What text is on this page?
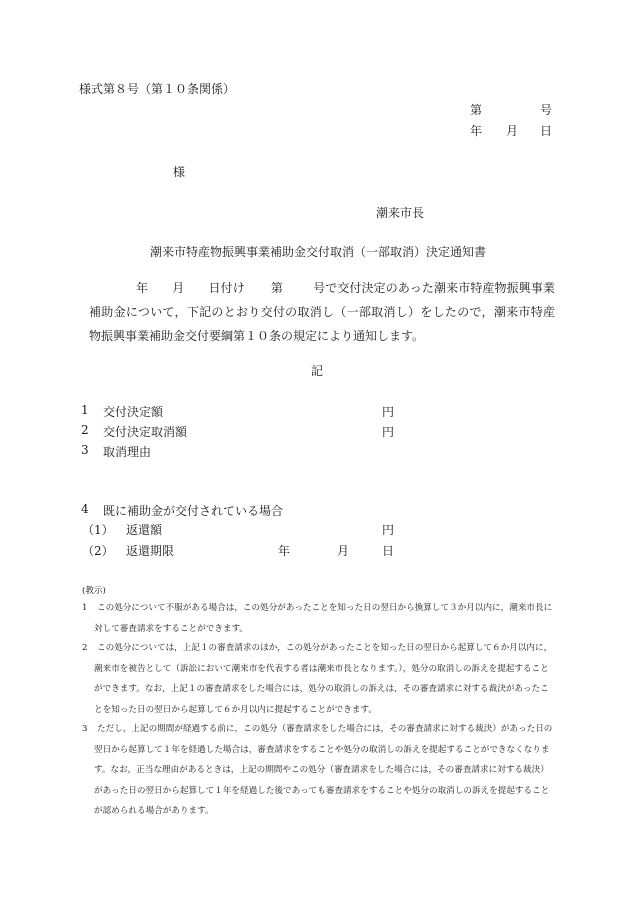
様式第８号（第１０条関係）
第	号
年 月 日
様
潮来市長
潮来市特産物振興事業補助金交付取消（一部取消）決定通知書
年 月 日付け 第	号で交付決定のあった潮来市特産物振興事業補助金について，下記のとおり交付の取消し（一部取消し）をしたので，潮来市特産物振興事業補助金交付要綱第１０条の規定により通知します。
記
1 交付決定額	円
2 交付決定取消額	円
3 取消理由
4 既に補助金が交付されている場合
（1） 返還額	円
（2） 返還期限	年	月	日
(教示)
1	この処分について不服がある場合は，この処分があったことを知った日の翌日から換算して３か月以内に，潮来市長に対して審査請求をすることができます。
2	この処分については，上記１の審査請求のほか，この処分があったことを知った日の翌日から起算して６か月以内に，潮来市を被告として（訴訟において潮来市を代表する者は潮来市長となります。），処分の取消しの訴えを提起することができます。なお，上記１の審査請求をした場合には，処分の取消しの訴えは，その審査請求に対する裁決があったことを知った日の翌日から起算して６か月以内に提起することができます。
3	ただし，上記の期間が経過する前に，この処分（審査請求をした場合には，その審査請求に対する裁決）があった日の翌日から起算して１年を経過した場合は，審査請求をすることや処分の取消しの訴えを提起することができなくなります。なお，正当な理由があるときは，上記の期間やこの処分（審査請求をした場合には，その審査請求に対する裁決）があった日の翌日から起算して１年を経過した後であっても審査請求をすることや処分の取消しの訴えを提起することが認められる場合があります。
